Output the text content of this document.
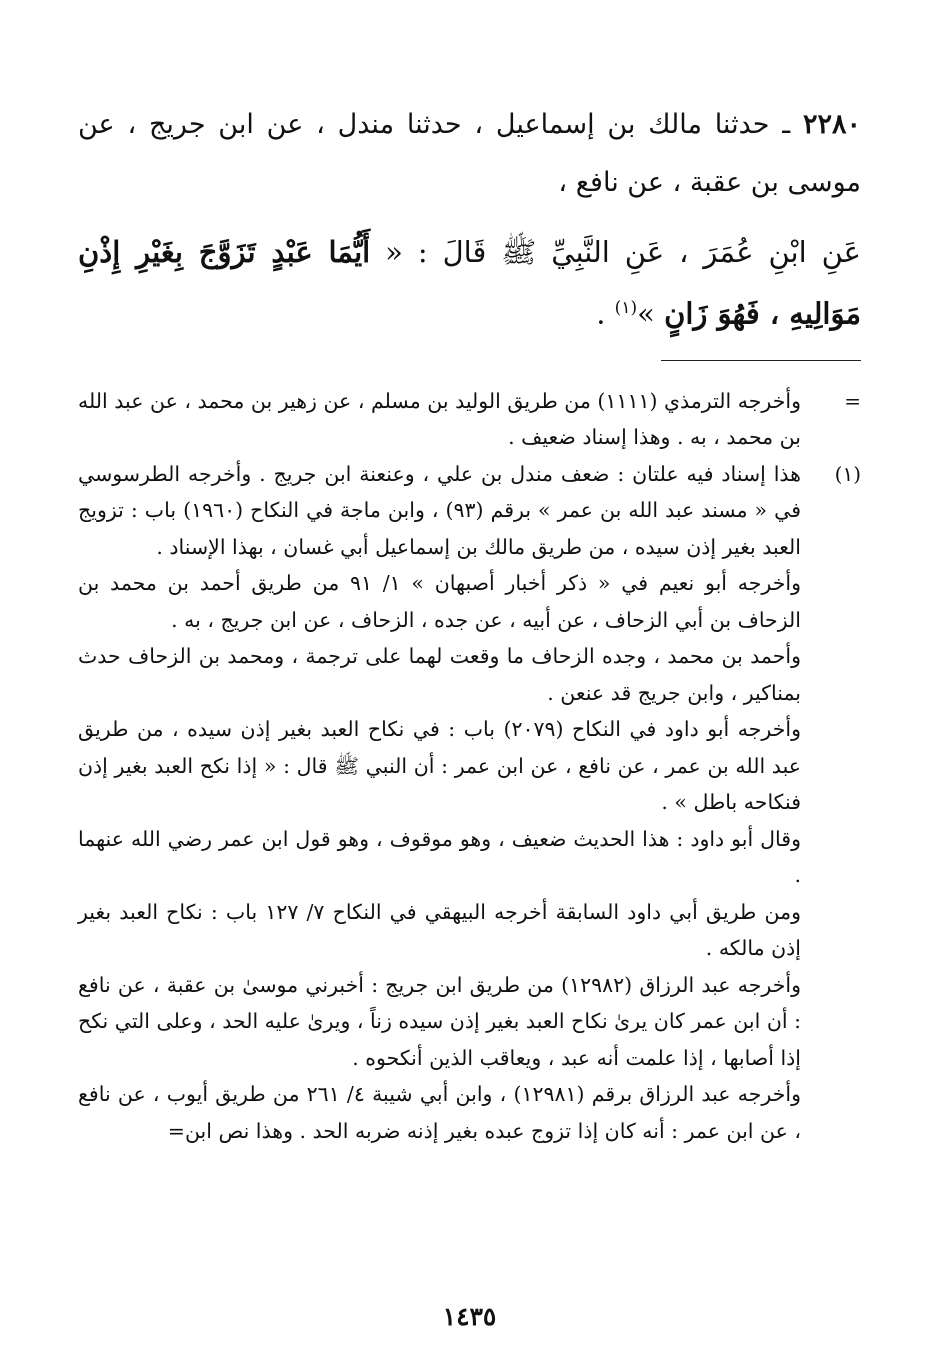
٢٢٨٠ ـ حدثنا مالك بن إسماعيل ، حدثنا مندل ، عن ابن جريج ، عن موسى بن عقبة ، عن نافع ،

عَنِ ابْنِ عُمَرَ ، عَنِ النَّبِيِّ ﷺ قَالَ : « أَيُّمَا عَبْدٍ تَزَوَّجَ بِغَيْرِ إِذْنِ مَوَالِيهِ ، فَهُوَ زَانٍ »$^{(١)}$ .

=

وأخرجه الترمذي (١١١١) من طريق الوليد بن مسلم ، عن زهير بن محمد ، عن عبد الله بن محمد ، به . وهذا إسناد ضعيف .

(١)

هذا إسناد فيه علتان : ضعف مندل بن علي ، وعنعنة ابن جريج . وأخرجه الطرسوسي في « مسند عبد الله بن عمر » برقم (٩٣) ، وابن ماجة في النكاح (١٩٦٠) باب : تزويج العبد بغير إذن سيده ، من طريق مالك بن إسماعيل أبي غسان ، بهذا الإسناد .

وأخرجه أبو نعيم في « ذكر أخبار أصبهان » ١/ ٩١ من طريق أحمد بن محمد بن الزحاف بن أبي الزحاف ، عن أبيه ، عن جده ، الزحاف ، عن ابن جريج ، به .

وأحمد بن محمد ، وجده الزحاف ما وقعت لهما على ترجمة ، ومحمد بن الزحاف حدث بمناكير ، وابن جريج قد عنعن .

وأخرجه أبو داود في النكاح (٢٠٧٩) باب : في نكاح العبد بغير إذن سيده ، من طريق عبد الله بن عمر ، عن نافع ، عن ابن عمر : أن النبي ﷺ قال : « إذا نكح العبد بغير إذن فنكاحه باطل » .

وقال أبو داود : هذا الحديث ضعيف ، وهو موقوف ، وهو قول ابن عمر رضي الله عنهما .

ومن طريق أبي داود السابقة أخرجه البيهقي في النكاح ٧/ ١٢٧ باب : نكاح العبد بغير إذن مالكه .

وأخرجه عبد الرزاق (١٢٩٨٢) من طريق ابن جريج : أخبرني موسىٰ بن عقبة ، عن نافع : أن ابن عمر كان يرىٰ نكاح العبد بغير إذن سيده زناً ، ويرىٰ عليه الحد ، وعلى التي نكح إذا أصابها ، إذا علمت أنه عبد ، ويعاقب الذين أنكحوه .

وأخرجه عبد الرزاق برقم (١٢٩٨١) ، وابن أبي شيبة ٤/ ٢٦١ من طريق أيوب ، عن نافع ، عن ابن عمر : أنه كان إذا تزوج عبده بغير إذنه ضربه الحد . وهذا نص ابن=

١٤٣٥
